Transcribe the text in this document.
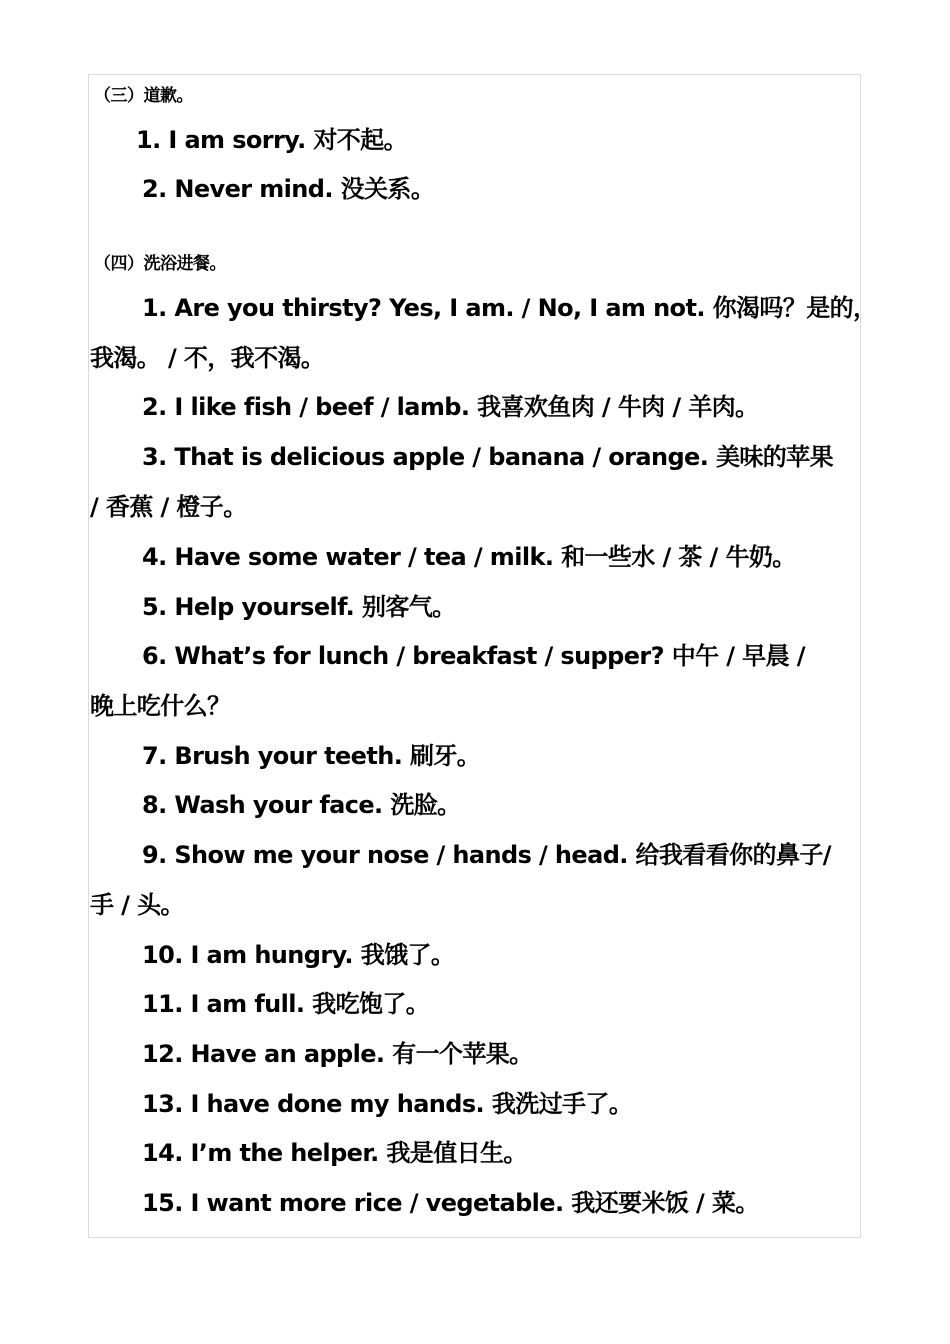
（三）道歉。
1. I am sorry. 对不起。
2. Never mind. 没关系。
（四）洗浴进餐。
1. Are you thirsty? Yes, I am. / No, I am not. 你渴吗？是的，
我渴。 / 不，我不渴。
2. I like fish / beef / lamb. 我喜欢鱼肉 / 牛肉 / 羊肉。
3. That is delicious apple / banana / orange. 美味的苹果
/ 香蕉 / 橙子。
4. Have some water / tea / milk. 和一些水 / 茶 / 牛奶。
5. Help yourself. 别客气。
6. What’s for lunch / breakfast / supper? 中午 / 早晨 /
晚上吃什么？
7. Brush your teeth. 刷牙。
8. Wash your face. 洗脸。
9. Show me your nose / hands / head. 给我看看你的鼻子/
手 / 头。
10. I am hungry. 我饿了。
11. I am full. 我吃饱了。
12. Have an apple. 有一个苹果。
13. I have done my hands. 我洗过手了。
14. I’m the helper. 我是值日生。
15. I want more rice / vegetable. 我还要米饭 / 菜。
